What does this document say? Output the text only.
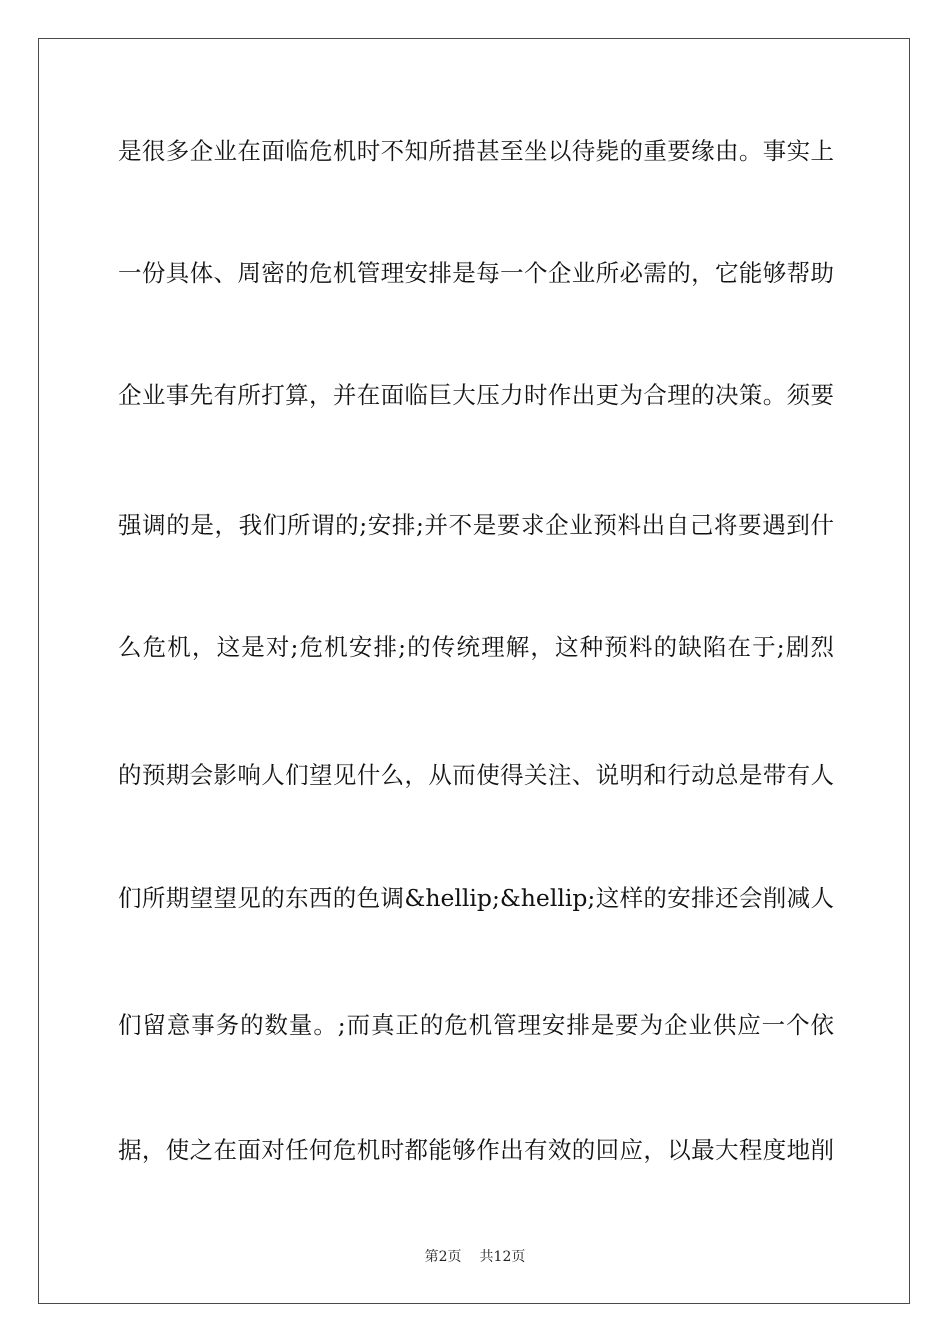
是很多企业在面临危机时不知所措甚至坐以待毙的重要缘由。事实上
一份具体、周密的危机管理安排是每一个企业所必需的，它能够帮助
企业事先有所打算，并在面临巨大压力时作出更为合理的决策。须要
强调的是，我们所谓的;安排;并不是要求企业预料出自己将要遇到什
么危机，这是对;危机安排;的传统理解，这种预料的缺陷在于;剧烈
的预期会影响人们望见什么，从而使得关注、说明和行动总是带有人
们所期望望见的东西的色调&hellip;&hellip;这样的安排还会削减人
们留意事务的数量。;而真正的危机管理安排是要为企业供应一个依
据，使之在面对任何危机时都能够作出有效的回应，以最大程度地削
第2页 共12页
